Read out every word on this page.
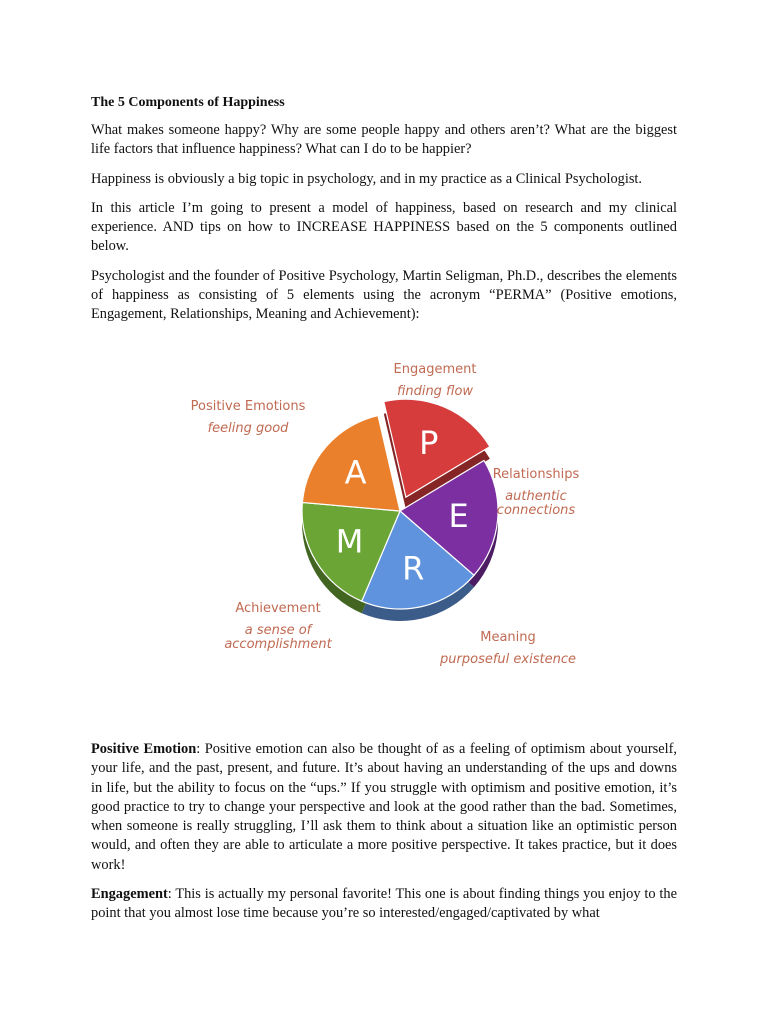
The 5 Components of Happiness

What makes someone happy? Why are some people happy and others aren’t? What are the biggest life factors that influence happiness? What can I do to be happier?

Happiness is obviously a big topic in psychology, and in my practice as a Clinical Psychologist.

In this article I’m going to present a model of happiness, based on research and my clinical experience. AND tips on how to INCREASE HAPPINESS based on the 5 components outlined below.

Psychologist and the founder of Positive Psychology, Martin Seligman, Ph.D., describes the elements of happiness as consisting of 5 elements using the acronym “PERMA” (Positive emotions, Engagement, Relationships, Meaning and Achievement):

P
E
R
M
A
Positive Emotions
feeling good
Engagement
finding flow
Relationships
authentic connections
Meaning
purposeful existence
Achievement
a sense of accomplishment

Positive Emotion: Positive emotion can also be thought of as a feeling of optimism about yourself, your life, and the past, present, and future. It’s about having an understanding of the ups and downs in life, but the ability to focus on the “ups.” If you struggle with optimism and positive emotion, it’s good practice to try to change your perspective and look at the good rather than the bad. Sometimes, when someone is really struggling, I’ll ask them to think about a situation like an optimistic person would, and often they are able to articulate a more positive perspective. It takes practice, but it does work!

Engagement: This is actually my personal favorite! This one is about finding things you enjoy to the point that you almost lose time because you’re so interested/engaged/captivated by what
